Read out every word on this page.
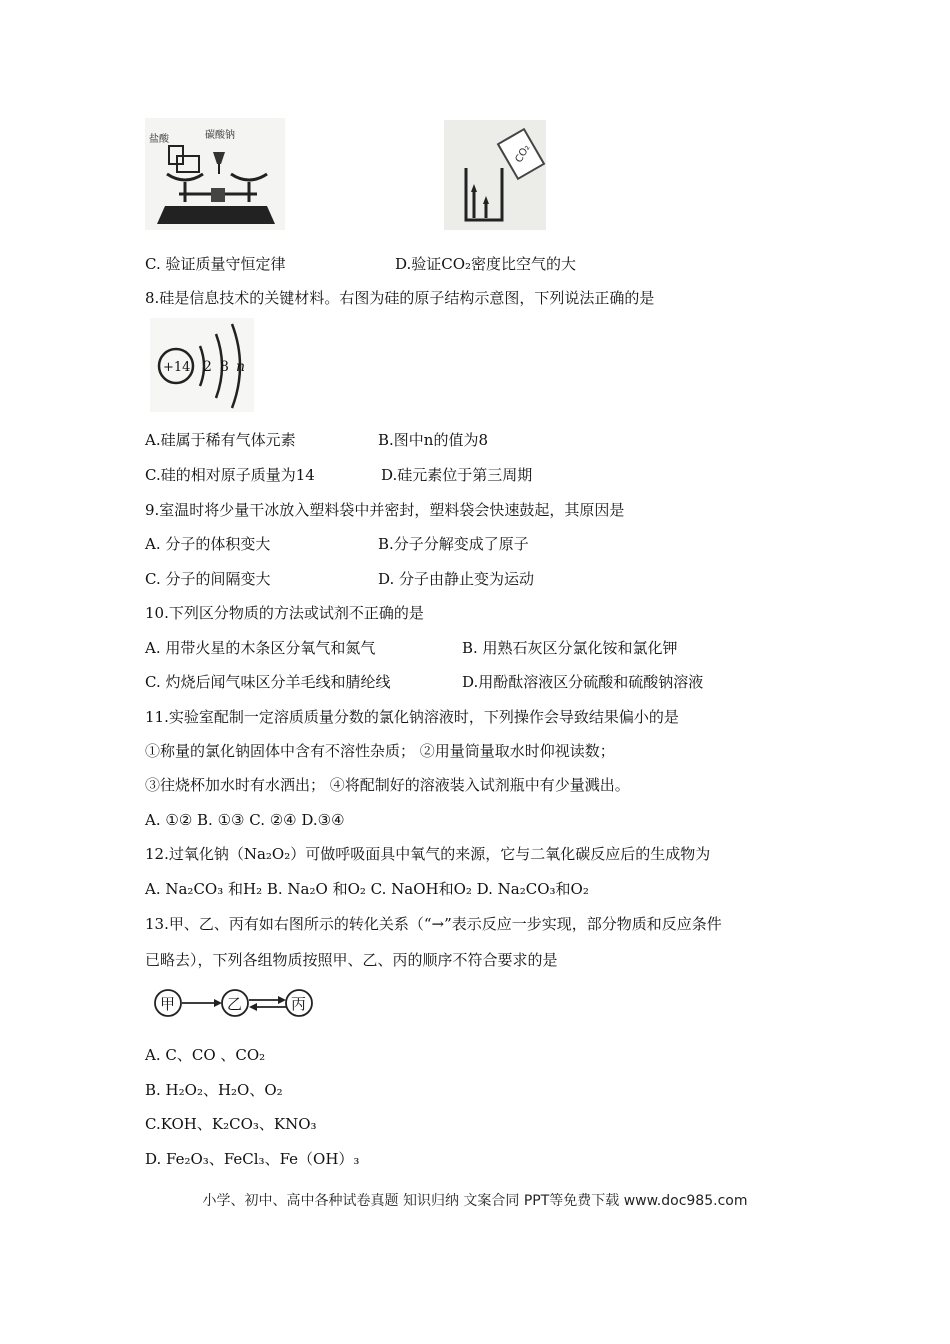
盐酸	碳酸钠
CO₂
C. 验证质量守恒定律	D.验证CO₂密度比空气的大
8.硅是信息技术的关键材料。右图为硅的原子结构示意图，下列说法正确的是
+14 2 8 n
A.硅属于稀有气体元素	B.图中n的值为8
C.硅的相对原子质量为14	D.硅元素位于第三周期
9.室温时将少量干冰放入塑料袋中并密封，塑料袋会快速鼓起，其原因是
A. 分子的体积变大	B.分子分解变成了原子
C. 分子的间隔变大	D. 分子由静止变为运动
10.下列区分物质的方法或试剂不正确的是
A. 用带火星的木条区分氧气和氮气	B. 用熟石灰区分氯化铵和氯化钾
C. 灼烧后闻气味区分羊毛线和腈纶线	D.用酚酞溶液区分硫酸和硫酸钠溶液
11.实验室配制一定溶质质量分数的氯化钠溶液时，下列操作会导致结果偏小的是
①称量的氯化钠固体中含有不溶性杂质； ②用量筒量取水时仰视读数；
③往烧杯加水时有水洒出； ④将配制好的溶液装入试剂瓶中有少量溅出。
A. ①② B. ①③ C. ②④ D.③④
12.过氧化钠（Na₂O₂）可做呼吸面具中氧气的来源，它与二氧化碳反应后的生成物为
A. Na₂CO₃ 和H₂ B. Na₂O 和O₂ C. NaOH和O₂ D. Na₂CO₃和O₂
13.甲、乙、丙有如右图所示的转化关系（“→”表示反应一步实现，部分物质和反应条件
已略去），下列各组物质按照甲、乙、丙的顺序不符合要求的是
甲	乙	丙
A. C、CO 、CO₂
B. H₂O₂、H₂O、O₂
C.KOH、K₂CO₃、KNO₃
D. Fe₂O₃、FeCl₃、Fe（OH）₃
小学、初中、高中各种试卷真题 知识归纳 文案合同 PPT等免费下载 www.doc985.com
